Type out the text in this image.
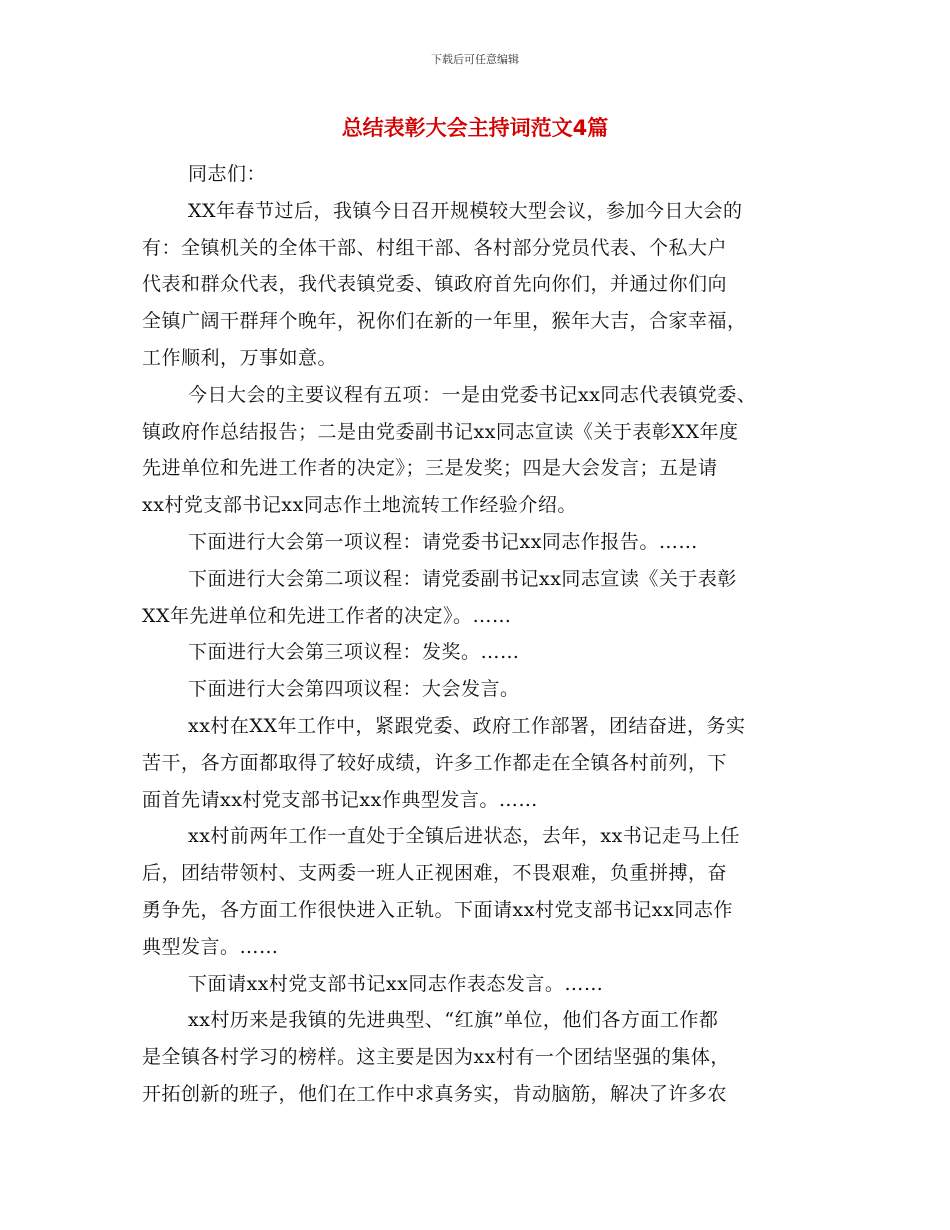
下载后可任意编辑
总结表彰大会主持词范文4篇
同志们：
XX年春节过后，我镇今日召开规模较大型会议，参加今日大会的
有：全镇机关的全体干部、村组干部、各村部分党员代表、个私大户
代表和群众代表，我代表镇党委、镇政府首先向你们，并通过你们向
全镇广阔干群拜个晚年，祝你们在新的一年里，猴年大吉，合家幸福，
工作顺利，万事如意。
今日大会的主要议程有五项：一是由党委书记xx同志代表镇党委、
镇政府作总结报告；二是由党委副书记xx同志宣读《关于表彰XX年度
先进单位和先进工作者的决定》；三是发奖；四是大会发言；五是请
xx村党支部书记xx同志作土地流转工作经验介绍。
下面进行大会第一项议程：请党委书记xx同志作报告。……
下面进行大会第二项议程：请党委副书记xx同志宣读《关于表彰
XX年先进单位和先进工作者的决定》。……
下面进行大会第三项议程：发奖。……
下面进行大会第四项议程：大会发言。
xx村在XX年工作中，紧跟党委、政府工作部署，团结奋进，务实
苦干，各方面都取得了较好成绩，许多工作都走在全镇各村前列，下
面首先请xx村党支部书记xx作典型发言。……
xx村前两年工作一直处于全镇后进状态，去年，xx书记走马上任
后，团结带领村、支两委一班人正视困难，不畏艰难，负重拼搏，奋
勇争先，各方面工作很快进入正轨。下面请xx村党支部书记xx同志作
典型发言。……
下面请xx村党支部书记xx同志作表态发言。……
xx村历来是我镇的先进典型、“红旗”单位，他们各方面工作都
是全镇各村学习的榜样。这主要是因为xx村有一个团结坚强的集体，
开拓创新的班子，他们在工作中求真务实，肯动脑筋，解决了许多农
